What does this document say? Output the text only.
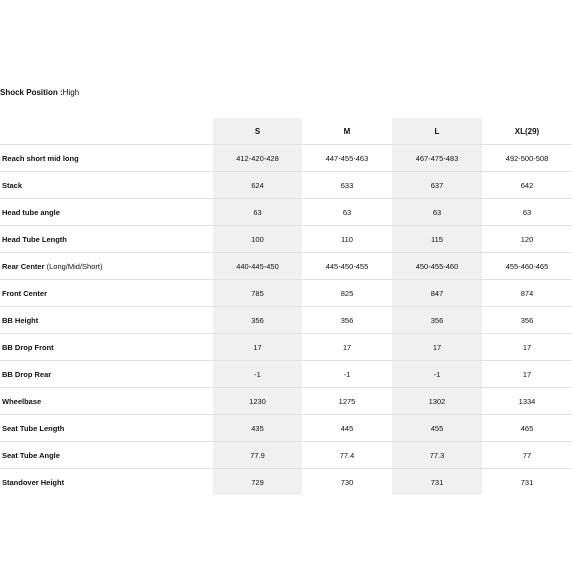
Shock Position :High
	S	M	L	XL(29)
Reach short mid long	412-420-428	447-455-463	467-475-483	492-500-508
Stack	624	633	637	642
Head tube angle	63	63	63	63
Head Tube Length	100	110	115	120
Rear Center (Long/Mid/Short)	440-445-450	445-450-455	450-455-460	455-460-465
Front Center	785	825	847	874
BB Height	356	356	356	356
BB Drop Front	17	17	17	17
BB Drop Rear	-1	-1	-1	17
Wheelbase	1230	1275	1302	1334
Seat Tube Length	435	445	455	465
Seat Tube Angle	77.9	77.4	77.3	77
Standover Height	729	730	731	731
